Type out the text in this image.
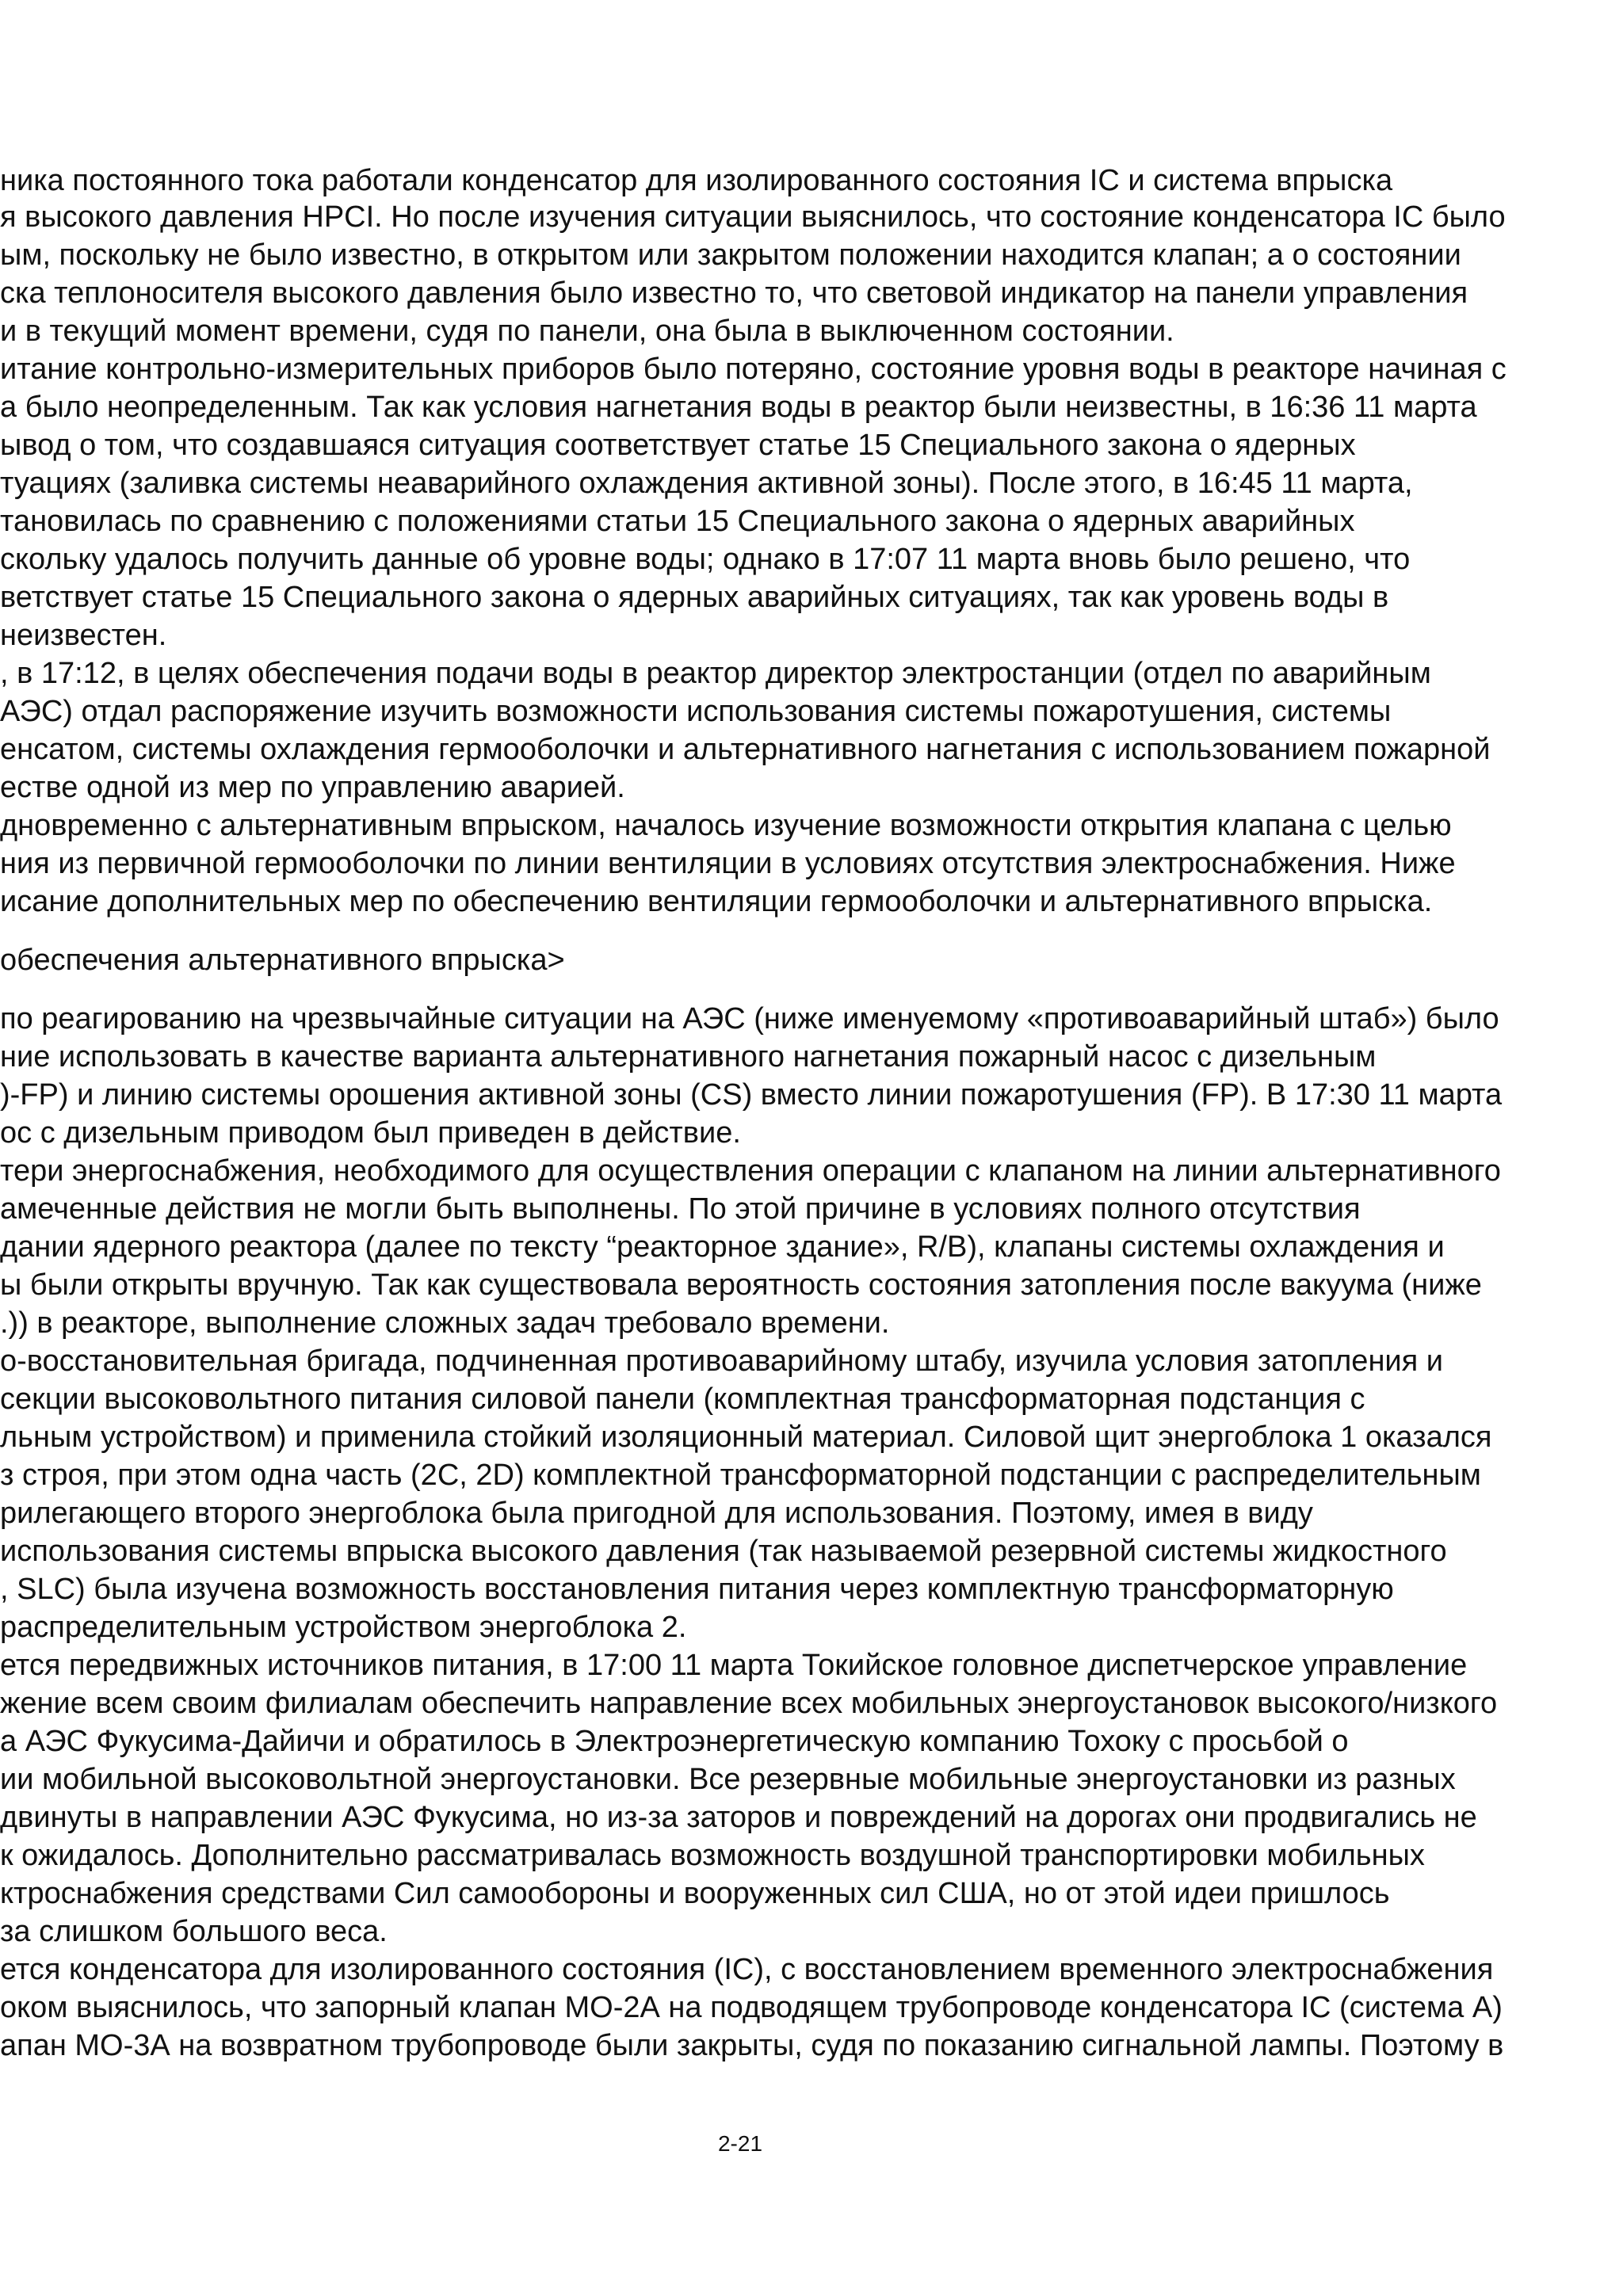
ника постоянного тока работали конденсатор для изолированного состояния IC и система впрыска
я высокого давления HPCI. Но после изучения ситуации выяснилось, что состояние конденсатора IC было
ым, поскольку не было известно, в открытом или закрытом положении находится клапан; а о состоянии
ска теплоносителя высокого давления было известно то, что световой индикатор на панели управления
и в текущий момент времени, судя по панели, она была в выключенном состоянии.
итание контрольно-измерительных приборов было потеряно, состояние уровня воды в реакторе начиная с
а было неопределенным. Так как условия нагнетания воды в реактор были неизвестны, в 16:36 11 марта
ывод о том, что создавшаяся ситуация соответствует статье 15 Специального закона о ядерных
туациях (заливка системы неаварийного охлаждения активной зоны). После этого, в 16:45 11 марта,
тановилась по сравнению с положениями статьи 15 Специального закона о ядерных аварийных
скольку удалось получить данные об уровне воды; однако в 17:07 11 марта вновь было решено, что
ветствует статье 15 Специального закона о ядерных аварийных ситуациях, так как уровень воды в
неизвестен.
, в 17:12, в целях обеспечения подачи воды в реактор директор электростанции (отдел по аварийным
АЭС) отдал распоряжение изучить возможности использования системы пожаротушения, системы
енсатом, системы охлаждения гермооболочки и альтернативного нагнетания с использованием пожарной
естве одной из мер по управлению аварией.
дновременно с альтернативным впрыском, началось изучение возможности открытия клапана с целью
ния из первичной гермооболочки по линии вентиляции в условиях отсутствия электроснабжения. Ниже
исание дополнительных мер по обеспечению вентиляции гермооболочки и альтернативного впрыска.
обеспечения альтернативного впрыска>
по реагированию на чрезвычайные ситуации на АЭС (ниже именуемому «противоаварийный штаб») было
ние использовать в качестве варианта альтернативного нагнетания пожарный насос с дизельным
)-FP) и линию системы орошения активной зоны (CS) вместо линии пожаротушения (FP). В 17:30 11 марта
ос с дизельным приводом был приведен в действие.
тери энергоснабжения, необходимого для осуществления операции с клапаном на линии альтернативного
амеченные действия не могли быть выполнены. По этой причине в условиях полного отсутствия
дании ядерного реактора (далее по тексту “реакторное здание», R/B), клапаны системы охлаждения и
ы были открыты вручную. Так как существовала вероятность состояния затопления после вакуума (ниже
.)) в реакторе, выполнение сложных задач требовало времени.
о-восстановительная бригада, подчиненная противоаварийному штабу, изучила условия затопления и
секции высоковольтного питания силовой панели (комплектная трансформаторная подстанция с
льным устройством) и применила стойкий изоляционный материал. Силовой щит энергоблока 1 оказался
з строя, при этом одна часть (2C, 2D) комплектной трансформаторной подстанции с распределительным
рилегающего второго энергоблока была пригодной для использования. Поэтому, имея в виду
использования системы впрыска высокого давления (так называемой резервной системы жидкостного
, SLC) была изучена возможность восстановления питания через комплектную трансформаторную
распределительным устройством энергоблока 2.
ется передвижных источников питания, в 17:00 11 марта Токийское головное диспетчерское управление
жение всем своим филиалам обеспечить направление всех мобильных энергоустановок высокого/низкого
а АЭС Фукусима-Дайичи и обратилось в Электроэнергетическую компанию Тохоку с просьбой о
ии мобильной высоковольтной энергоустановки. Все резервные мобильные энергоустановки из разных
двинуты в направлении АЭС Фукусима, но из-за заторов и повреждений на дорогах они продвигались не
к ожидалось. Дополнительно рассматривалась возможность воздушной транспортировки мобильных
ктроснабжения средствами Сил самообороны и вооруженных сил США, но от этой идеи пришлось
за слишком большого веса.
ется конденсатора для изолированного состояния (IC), с восстановлением временного электроснабжения
оком выяснилось, что запорный клапан МО-2А на подводящем трубопроводе конденсатора IC (система А)
апан МО-3А на возвратном трубопроводе были закрыты, судя по показанию сигнальной лампы. Поэтому в
2-21
